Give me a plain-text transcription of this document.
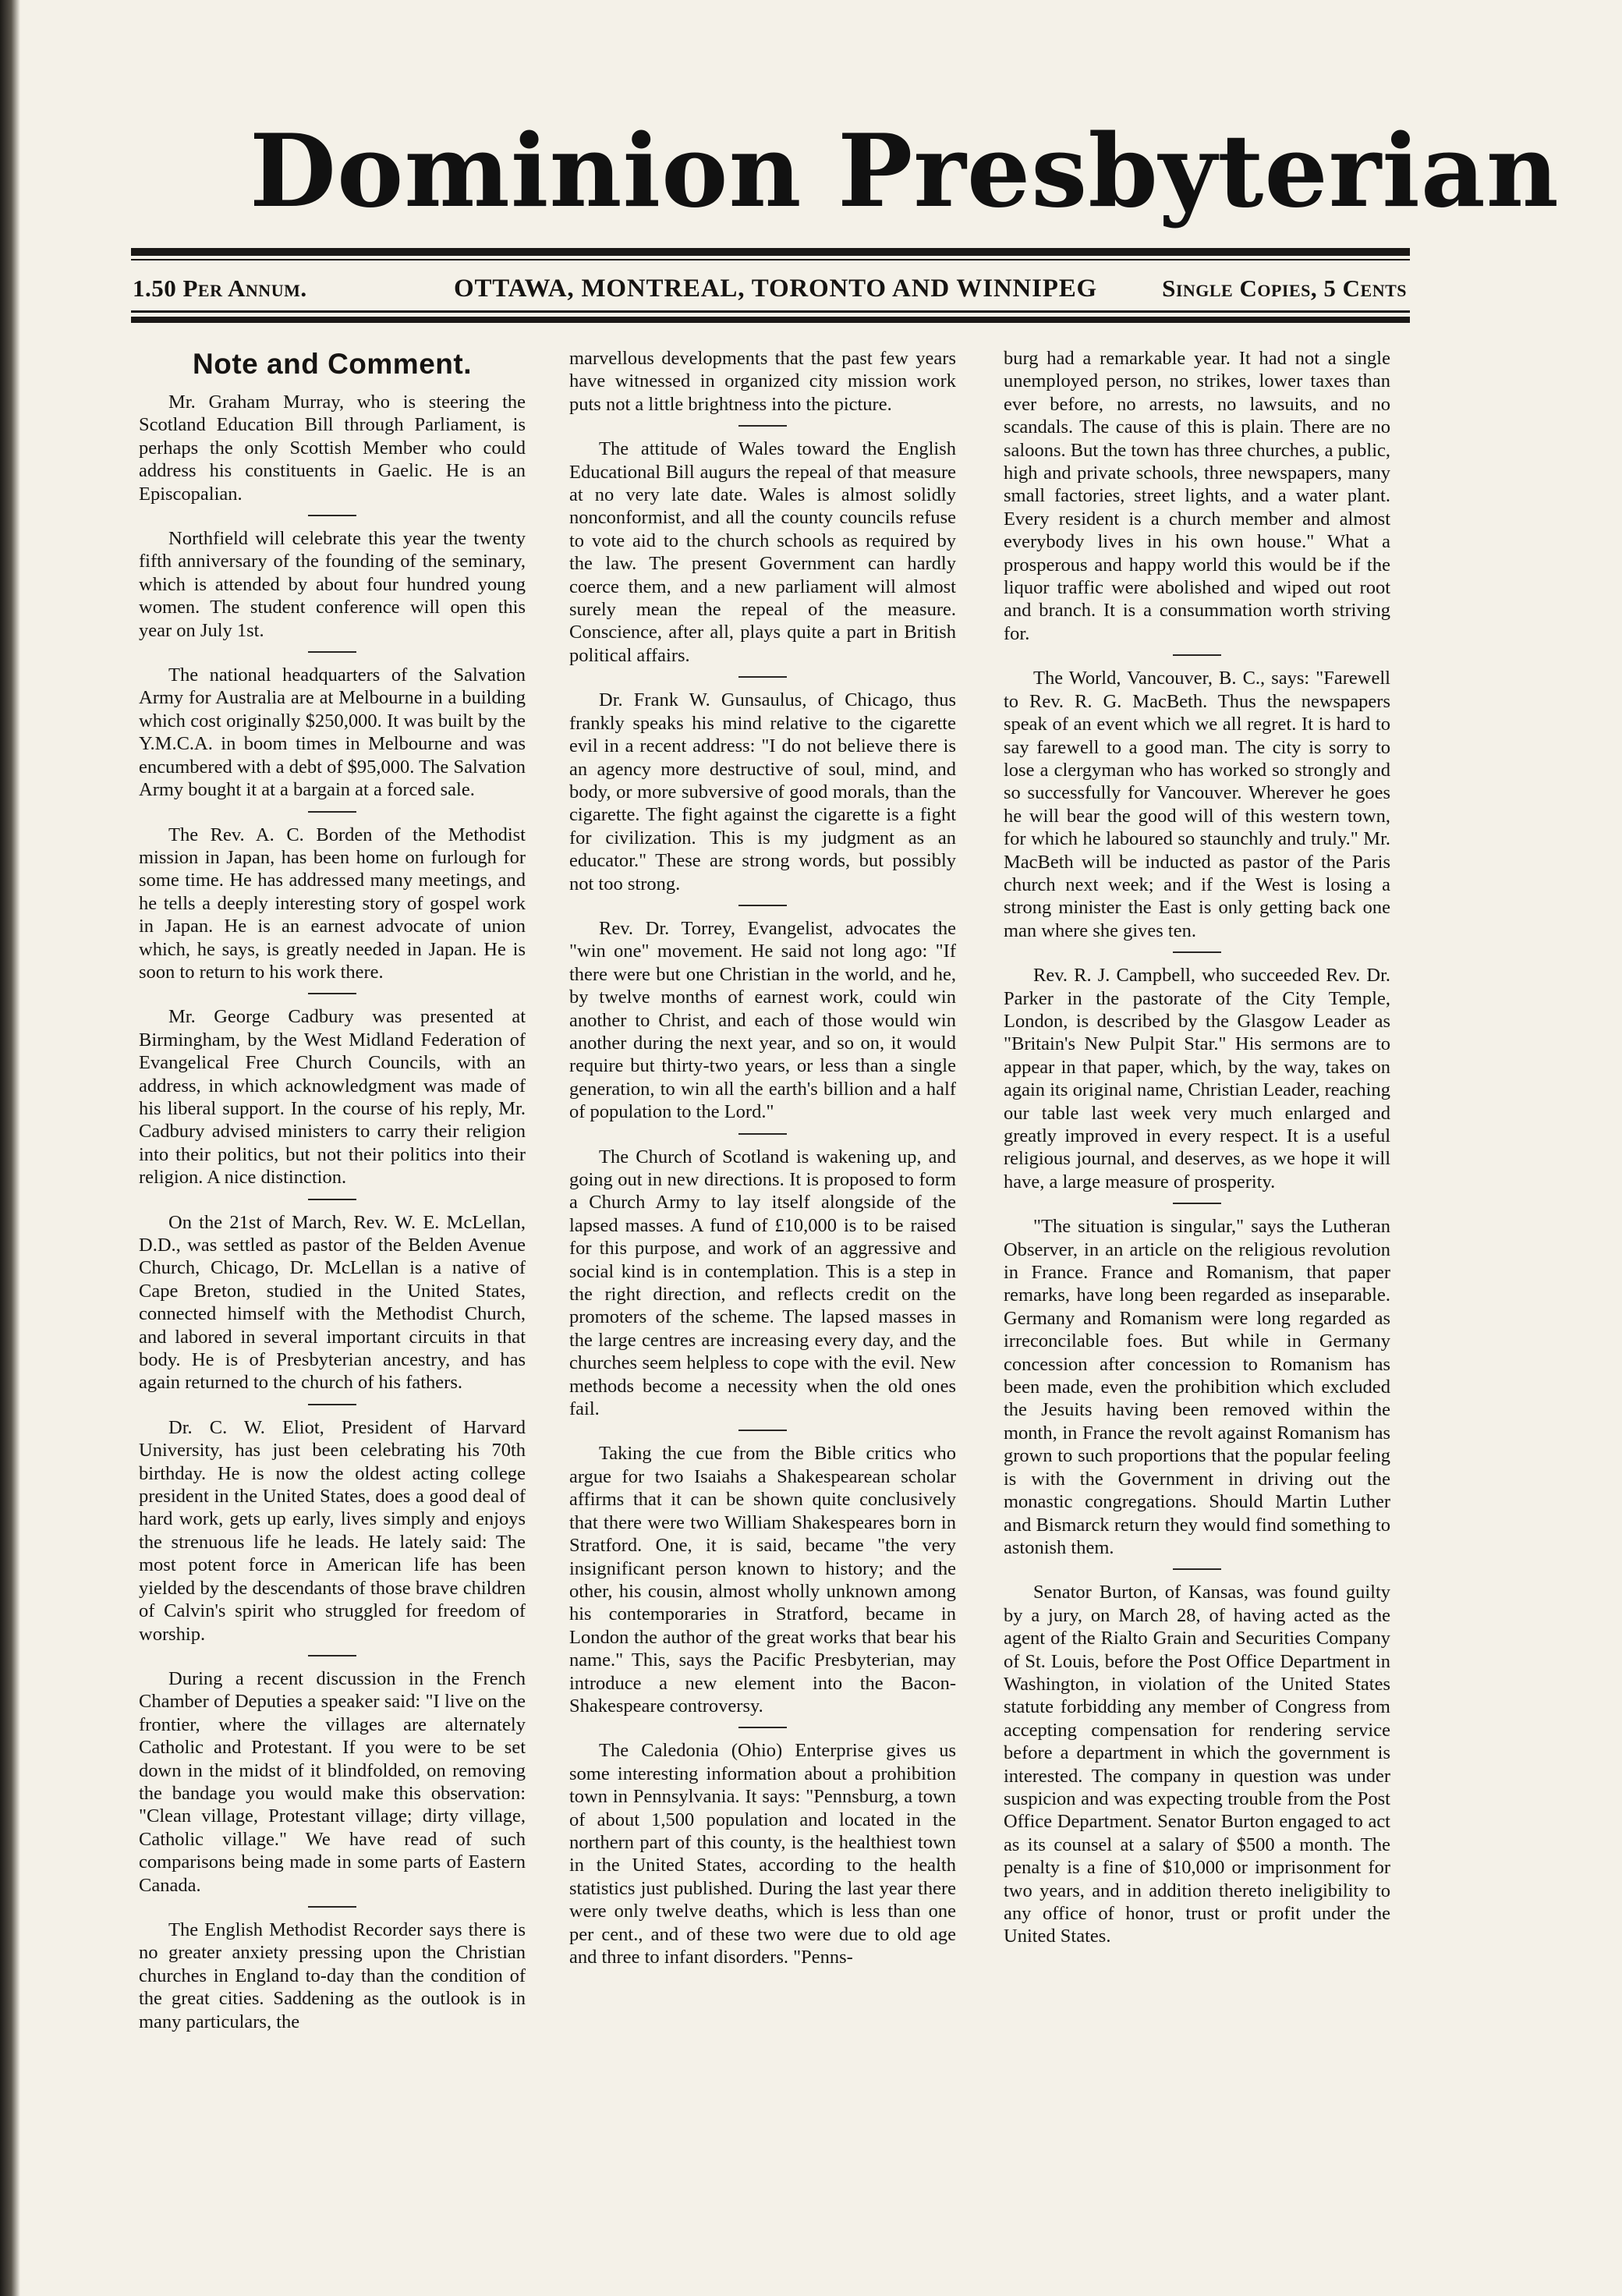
Dominion Presbyterian
1.50 Per Annum.	OTTAWA, MONTREAL, TORONTO AND WINNIPEG	Single Copies, 5 Cents
Note and Comment.

Mr. Graham Murray, who is steering the Scotland Education Bill through Parliament, is perhaps the only Scottish Member who could address his constituents in Gaelic. He is an Episcopalian.

Northfield will celebrate this year the twenty fifth anniversary of the founding of the seminary, which is attended by about four hundred young women. The student conference will open this year on July 1st.

The national headquarters of the Salvation Army for Australia are at Melbourne in a building which cost originally $250,000. It was built by the Y.M.C.A. in boom times in Melbourne and was encumbered with a debt of $95,000. The Salvation Army bought it at a bargain at a forced sale.

The Rev. A. C. Borden of the Methodist mission in Japan, has been home on furlough for some time. He has addressed many meetings, and he tells a deeply interesting story of gospel work in Japan. He is an earnest advocate of union which, he says, is greatly needed in Japan. He is soon to return to his work there.

Mr. George Cadbury was presented at Birmingham, by the West Midland Federation of Evangelical Free Church Councils, with an address, in which acknowledgment was made of his liberal support. In the course of his reply, Mr. Cadbury advised ministers to carry their religion into their politics, but not their politics into their religion. A nice distinction.

On the 21st of March, Rev. W. E. McLellan, D.D., was settled as pastor of the Belden Avenue Church, Chicago, Dr. McLellan is a native of Cape Breton, studied in the United States, connected himself with the Methodist Church, and labored in several important circuits in that body. He is of Presbyterian ancestry, and has again returned to the church of his fathers.

Dr. C. W. Eliot, President of Harvard University, has just been celebrating his 70th birthday. He is now the oldest acting college president in the United States, does a good deal of hard work, gets up early, lives simply and enjoys the strenuous life he leads. He lately said: The most potent force in American life has been yielded by the descendants of those brave children of Calvin's spirit who struggled for freedom of worship.

During a recent discussion in the French Chamber of Deputies a speaker said: "I live on the frontier, where the villages are alternately Catholic and Protestant. If you were to be set down in the midst of it blindfolded, on removing the bandage you would make this observation: "Clean village, Protestant village; dirty village, Catholic village." We have read of such comparisons being made in some parts of Eastern Canada.

The English Methodist Recorder says there is no greater anxiety pressing upon the Christian churches in England to-day than the condition of the great cities. Saddening as the outlook is in many particulars, the

marvellous developments that the past few years have witnessed in organized city mission work puts not a little brightness into the picture.

The attitude of Wales toward the English Educational Bill augurs the repeal of that measure at no very late date. Wales is almost solidly nonconformist, and all the county councils refuse to vote aid to the church schools as required by the law. The present Government can hardly coerce them, and a new parliament will almost surely mean the repeal of the measure. Conscience, after all, plays quite a part in British political affairs.

Dr. Frank W. Gunsaulus, of Chicago, thus frankly speaks his mind relative to the cigarette evil in a recent address: "I do not believe there is an agency more destructive of soul, mind, and body, or more subversive of good morals, than the cigarette. The fight against the cigarette is a fight for civilization. This is my judgment as an educator." These are strong words, but possibly not too strong.

Rev. Dr. Torrey, Evangelist, advocates the "win one" movement. He said not long ago: "If there were but one Christian in the world, and he, by twelve months of earnest work, could win another to Christ, and each of those would win another during the next year, and so on, it would require but thirty-two years, or less than a single generation, to win all the earth's billion and a half of population to the Lord."

The Church of Scotland is wakening up, and going out in new directions. It is proposed to form a Church Army to lay itself alongside of the lapsed masses. A fund of £10,000 is to be raised for this purpose, and work of an aggressive and social kind is in contemplation. This is a step in the right direction, and reflects credit on the promoters of the scheme. The lapsed masses in the large centres are increasing every day, and the churches seem helpless to cope with the evil. New methods become a necessity when the old ones fail.

Taking the cue from the Bible critics who argue for two Isaiahs a Shakespearean scholar affirms that it can be shown quite conclusively that there were two William Shakespeares born in Stratford. One, it is said, became "the very insignificant person known to history; and the other, his cousin, almost wholly unknown among his contemporaries in Stratford, became in London the author of the great works that bear his name." This, says the Pacific Presbyterian, may introduce a new element into the Bacon-Shakespeare controversy.

The Caledonia (Ohio) Enterprise gives us some interesting information about a prohibition town in Pennsylvania. It says: "Pennsburg, a town of about 1,500 population and located in the northern part of this county, is the healthiest town in the United States, according to the health statistics just published. During the last year there were only twelve deaths, which is less than one per cent., and of these two were due to old age and three to infant disorders. "Penns-

burg had a remarkable year. It had not a single unemployed person, no strikes, lower taxes than ever before, no arrests, no lawsuits, and no scandals. The cause of this is plain. There are no saloons. But the town has three churches, a public, high and private schools, three newspapers, many small factories, street lights, and a water plant. Every resident is a church member and almost everybody lives in his own house." What a prosperous and happy world this would be if the liquor traffic were abolished and wiped out root and branch. It is a consummation worth striving for.

The World, Vancouver, B. C., says: "Farewell to Rev. R. G. MacBeth. Thus the newspapers speak of an event which we all regret. It is hard to say farewell to a good man. The city is sorry to lose a clergyman who has worked so strongly and so successfully for Vancouver. Wherever he goes he will bear the good will of this western town, for which he laboured so staunchly and truly." Mr. MacBeth will be inducted as pastor of the Paris church next week; and if the West is losing a strong minister the East is only getting back one man where she gives ten.

Rev. R. J. Campbell, who succeeded Rev. Dr. Parker in the pastorate of the City Temple, London, is described by the Glasgow Leader as "Britain's New Pulpit Star." His sermons are to appear in that paper, which, by the way, takes on again its original name, Christian Leader, reaching our table last week very much enlarged and greatly improved in every respect. It is a useful religious journal, and deserves, as we hope it will have, a large measure of prosperity.

"The situation is singular," says the Lutheran Observer, in an article on the religious revolution in France. France and Romanism, that paper remarks, have long been regarded as inseparable. Germany and Romanism were long regarded as irreconcilable foes. But while in Germany concession after concession to Romanism has been made, even the prohibition which excluded the Jesuits having been removed within the month, in France the revolt against Romanism has grown to such proportions that the popular feeling is with the Government in driving out the monastic congregations. Should Martin Luther and Bismarck return they would find something to astonish them.

Senator Burton, of Kansas, was found guilty by a jury, on March 28, of having acted as the agent of the Rialto Grain and Securities Company of St. Louis, before the Post Office Department in Washington, in violation of the United States statute forbidding any member of Congress from accepting compensation for rendering service before a department in which the government is interested. The company in question was under suspicion and was expecting trouble from the Post Office Department. Senator Burton engaged to act as its counsel at a salary of $500 a month. The penalty is a fine of $10,000 or imprisonment for two years, and in addition thereto ineligibility to any office of honor, trust or profit under the United States.
